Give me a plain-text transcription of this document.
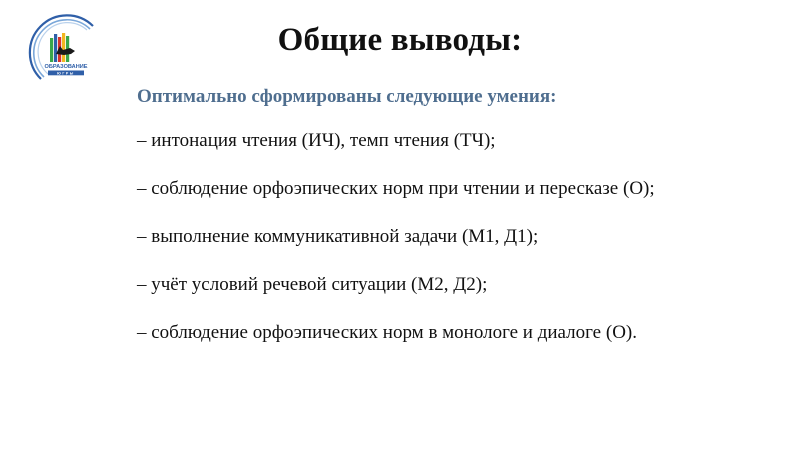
ОБРАЗОВАНИЕ
ЮГРЫ
Общие выводы:

Оптимально сформированы следующие умения:

– интонация чтения (ИЧ), темп чтения (ТЧ);
– соблюдение орфоэпических норм при чтении и пересказе (О);
– выполнение коммуникативной задачи (М1, Д1);
– учёт условий речевой ситуации (М2, Д2);
– соблюдение орфоэпических норм в монологе и диалоге (О).
